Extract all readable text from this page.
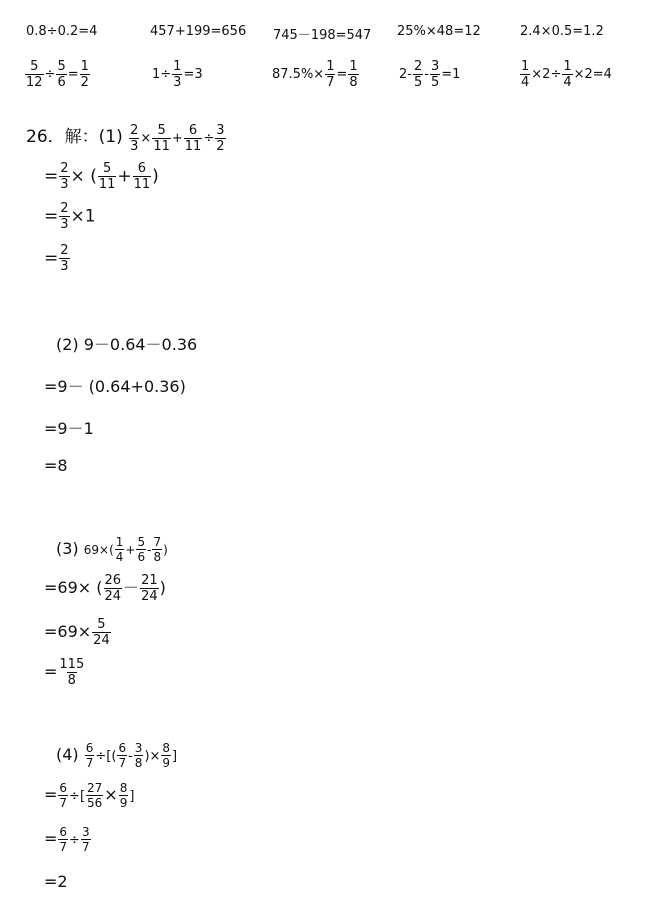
0.8÷0.2=4	457+199=656 745－198=547 25%×48=12	2.4×0.5=1.2
$\frac{5}{12} \div \frac{5}{6} = \frac{1}{2}$	$1\div \frac{1}{3} =3$	$87.5\%\times \frac{1}{7} = \frac{1}{8}$	$2- \frac{2}{5} - \frac{3}{5} =1$	$\frac{1}{4} \times 2\div \frac{1}{4} \times 2=4$
26．解：$(1) \frac{2}{3} \times \frac{5}{11} + \frac{6}{11} \div \frac{3}{2}$
= $\frac{2}{3}$ × ( $\frac{5}{11} + \frac{6}{11}$ )
= $\frac{2}{3} \times 1$
= $\frac{2}{3}$
(2) 9－0.64－0.36
=9－ (0.64+0.36)
=9－1
=8
(3) $69\times( \frac{1}{4} + \frac{5}{6} - \frac{7}{8}$ )
=69× ( $\frac{26}{24} - \frac{21}{24}$ )
$=69\times \frac{5}{24}$
= $\frac{115}{8}$
$(4) \frac{6}{7}$ ÷[( $\frac{6}{7} - \frac{3}{8}$ )× $\frac{8}{9}$ ]
= $\frac{6}{7}$ ÷[ $\frac{27}{56} \times \frac{8}{9}$ ]
= $\frac{6}{7} \div \frac{3}{7}$
=2
